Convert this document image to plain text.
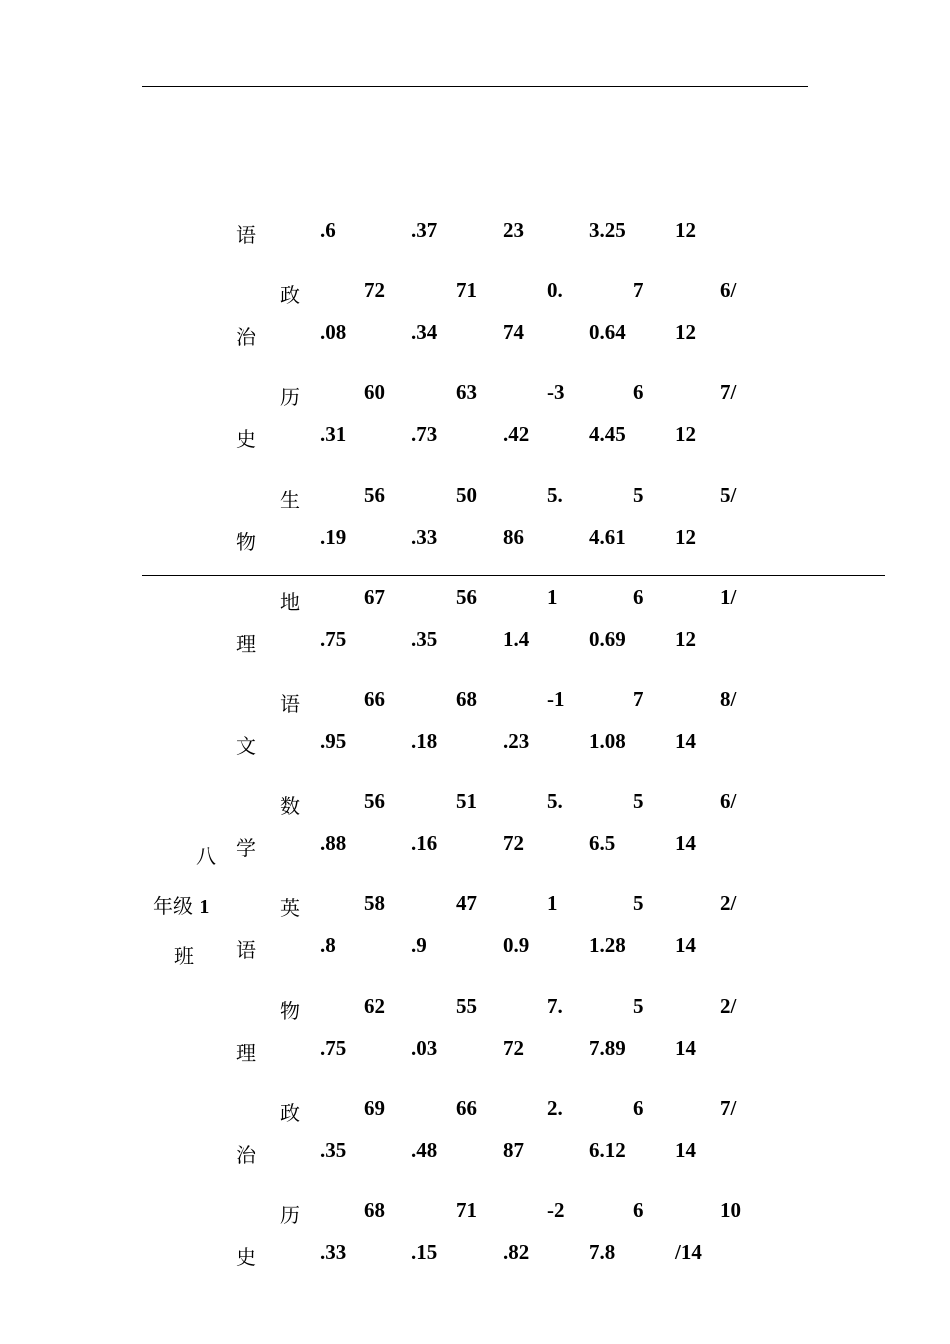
八
年级 1
班
语	.6	.37	23	3.25 12
政	72	71	0.	7	6/
治	.08	.34	74	0.64 12
历	60	63	-3	6	7/
史	.31	.73	.42	4.45 12
生	56	50	5.	5	5/
物	.19	.33	86	4.61 12
地	67	56	1	6	1/
理	.75	.35	1.4	0.69 12
语	66	68	-1	7	8/
文	.95	.18	.23	1.08 14
数	56	51	5.	5	6/
学	.88	.16	72	6.5	14
英	58	47	1	5	2/
语	.8	.9	0.9	1.28 14
物	62	55	7.	5	2/
理	.75	.03	72	7.89 14
政	69	66	2.	6	7/
治	.35	.48	87	6.12 14
历	68	71	-2	6	10
史	.33	.15	.82	7.8	/14
